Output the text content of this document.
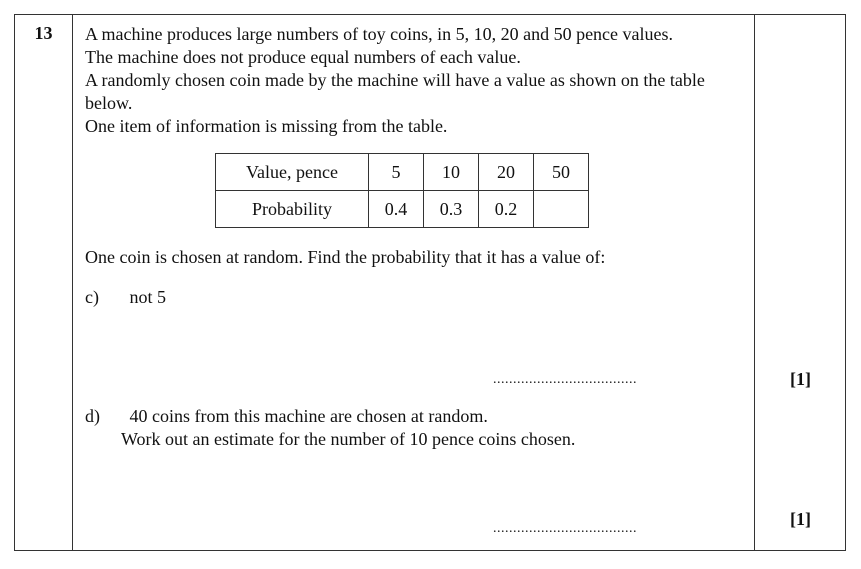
13	A machine produces large numbers of toy coins, in 5, 10, 20 and 50 pence values.

The machine does not produce equal numbers of each value.

A randomly chosen coin made by the machine will have a value as shown on the table below.

One item of information is missing from the table.

Value, pence	5	10	20	50
Probability	0.4	0.3	0.2	
One coin is chosen at random. Find the probability that it has a value of:
c) not 5
....................................	[1]
d) 40 coins from this machine are chosen at random.
Work out an estimate for the number of 10 pence coins chosen.
....................................	[1]
